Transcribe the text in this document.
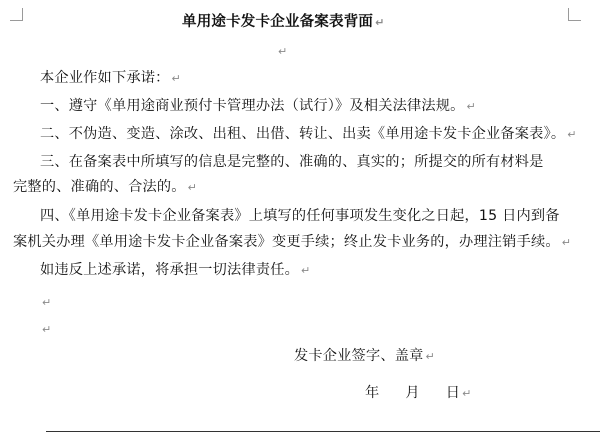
单用途卡发卡企业备案表背面 ↵
↵
本企业作如下承诺： ↵
一、遵守《单用途商业预付卡管理办法（试行）》及相关法律法规。 ↵
二、不伪造、变造、涂改、出租、出借、转让、出卖《单用途卡发卡企业备案表》。 ↵
三、在备案表中所填写的信息是完整的、准确的、真实的；所提交的所有材料是
完整的、准确的、合法的。 ↵
四、《单用途卡发卡企业备案表》上填写的任何事项发生变化之日起，15 日内到备
案机关办理《单用途卡发卡企业备案表》变更手续；终止发卡业务的，办理注销手续。 ↵
如违反上述承诺，将承担一切法律责任。 ↵
↵
↵
发卡企业签字、盖章 ↵
年 月 日 ↵
